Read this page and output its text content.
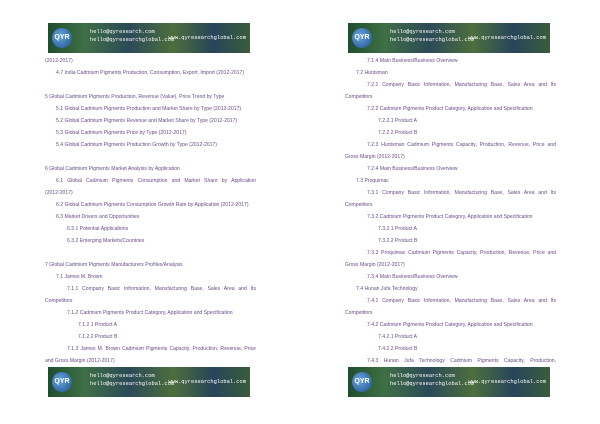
QYR
hello@qyresearch.com
hello@qyresearchglobal.com
www.qyresearchglobal.com
(2012-2017)
4.7 India Cadmium Pigments Production, Consumption, Export, Import (2012-2017)
5 Global Cadmium Pigments Production, Revenue (Value), Price Trend by Type
5.1 Global Cadmium Pigments Production and Market Share by Type (2012-2017)
5.2 Global Cadmium Pigments Revenue and Market Share by Type (2012-2017)
5.3 Global Cadmium Pigments Price by Type (2012-2017)
5.4 Global Cadmium Pigments Production Growth by Type (2012-2017)
6 Global Cadmium Pigments Market Analysis by Application
6.1 Global Cadmium Pigments Consumption and Market Share by Application
(2012-2017)
6.2 Global Cadmium Pigments Consumption Growth Rate by Application (2012-2017)
6.3 Market Drivers and Opportunities
6.3.1 Potential Applications
6.3.2 Emerging Markets/Countries
7 Global Cadmium Pigments Manufacturers Profiles/Analysis
7.1 James M. Brown
7.1.1 Company Basic Information, Manufacturing Base, Sales Area and Its
Competitors
7.1.2 Cadmium Pigments Product Category, Application and Specification
7.1.2.1 Product A
7.1.2.2 Product B
7.1.3 James M. Brown Cadmium Pigments Capacity, Production, Revenue, Price
and Gross Margin (2012-2017)
QYR
hello@qyresearch.com
hello@qyresearchglobal.com
www.qyresearchglobal.com
QYR
hello@qyresearch.com
hello@qyresearchglobal.com
www.qyresearchglobal.com
7.1.4 Main Business/Business Overview
7.2 Huntsman
7.2.1 Company Basic Information, Manufacturing Base, Sales Area and Its
Competitors
7.2.2 Cadmium Pigments Product Category, Application and Specification
7.2.2.1 Product A
7.2.2.2 Product B
7.2.3 Huntsman Cadmium Pigments Capacity, Production, Revenue, Price and
Gross Margin (2012-2017)
7.2.4 Main Business/Business Overview
7.3 Proquimac
7.3.1 Company Basic Information, Manufacturing Base, Sales Area and Its
Competitors
7.3.2 Cadmium Pigments Product Category, Application and Specification
7.3.2.1 Product A
7.3.2.2 Product B
7.3.3 Proquimac Cadmium Pigments Capacity, Production, Revenue, Price and
Gross Margin (2012-2017)
7.3.4 Main Business/Business Overview
7.4 Hunan Jufa Technology
7.4.1 Company Basic Information, Manufacturing Base, Sales Area and Its
Competitors
7.4.2 Cadmium Pigments Product Category, Application and Specification
7.4.2.1 Product A
7.4.2.2 Product B
7.4.3 Hunan Jufa Technology Cadmium Pigments Capacity, Production,
QYR
hello@qyresearch.com
hello@qyresearchglobal.com
www.qyresearchglobal.com
